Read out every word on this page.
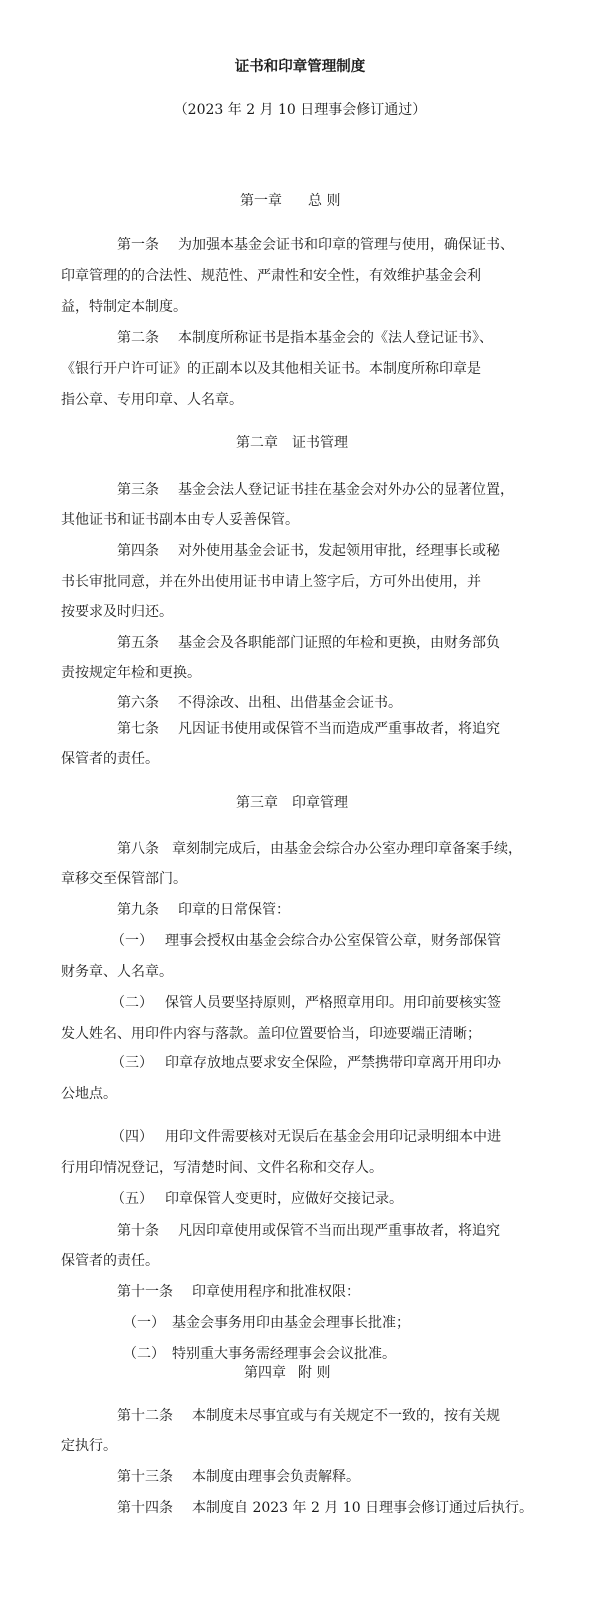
证书和印章管理制度
（2023 年 2 月 10 日理事会修订通过）
第一章 总 则
第一条 为加强本基金会证书和印章的管理与使用，确保证书、
印章管理的的合法性、规范性、严肃性和安全性，有效维护基金会利
益，特制定本制度。
第二条 本制度所称证书是指本基金会的《法人登记证书》、
《银行开户许可证》的正副本以及其他相关证书。本制度所称印章是
指公章、专用印章、人名章。
第二章 证书管理
第三条 基金会法人登记证书挂在基金会对外办公的显著位置，
其他证书和证书副本由专人妥善保管。
第四条 对外使用基金会证书，发起领用审批，经理事长或秘
书长审批同意，并在外出使用证书申请上签字后，方可外出使用，并
按要求及时归还。
第五条 基金会及各职能部门证照的年检和更换，由财务部负
责按规定年检和更换。
第六条 不得涂改、出租、出借基金会证书。
第七条 凡因证书使用或保管不当而造成严重事故者，将追究
保管者的责任。
第三章 印章管理
第八条 章刻制完成后，由基金会综合办公室办理印章备案手续，
章移交至保管部门。
第九条 印章的日常保管：
（一） 理事会授权由基金会综合办公室保管公章，财务部保管
财务章、人名章。
（二） 保管人员要坚持原则，严格照章用印。用印前要核实签
发人姓名、用印件内容与落款。盖印位置要恰当，印迹要端正清晰；
（三） 印章存放地点要求安全保险，严禁携带印章离开用印办
公地点。
（四） 用印文件需要核对无误后在基金会用印记录明细本中进
行用印情况登记，写清楚时间、文件名称和交存人。
（五） 印章保管人变更时，应做好交接记录。
第十条 凡因印章使用或保管不当而出现严重事故者，将追究
保管者的责任。
第十一条 印章使用程序和批准权限：
（一） 基金会事务用印由基金会理事长批准；
（二） 特别重大事务需经理事会会议批准。
第四章 附 则
第十二条 本制度未尽事宜或与有关规定不一致的，按有关规
定执行。
第十三条 本制度由理事会负责解释。
第十四条 本制度自 2023 年 2 月 10 日理事会修订通过后执行。
